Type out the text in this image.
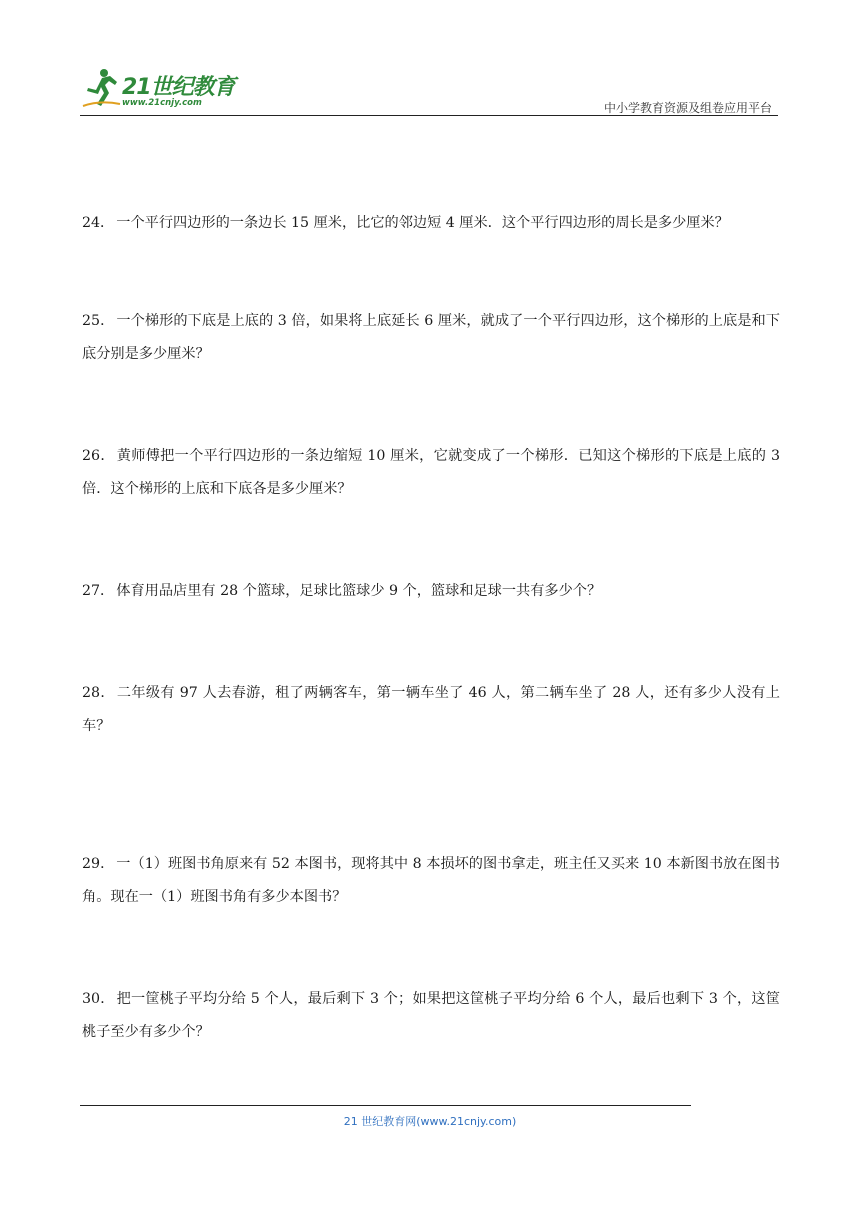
21世纪教育
www.21cnjy.com	中小学教育资源及组卷应用平台

24． 一个平行四边形的一条边长 15 厘米，比它的邻边短 4 厘米．这个平行四边形的周长是多少厘米？

25． 一个梯形的下底是上底的 3 倍，如果将上底延长 6 厘米，就成了一个平行四边形，这个梯形的上底是和下底分别是多少厘米？

26． 黄师傅把一个平行四边形的一条边缩短 10 厘米，它就变成了一个梯形．已知这个梯形的下底是上底的 3 倍．这个梯形的上底和下底各是多少厘米？

27． 体育用品店里有 28 个篮球，足球比篮球少 9 个，篮球和足球一共有多少个？

28． 二年级有 97 人去春游，租了两辆客车，第一辆车坐了 46 人，第二辆车坐了 28 人，还有多少人没有上车？

29． 一（1）班图书角原来有 52 本图书，现将其中 8 本损坏的图书拿走，班主任又买来 10 本新图书放在图书角。现在一（1）班图书角有多少本图书？

30． 把一筐桃子平均分给 5 个人，最后剩下 3 个；如果把这筐桃子平均分给 6 个人，最后也剩下 3 个，这筐桃子至少有多少个？

21 世纪教育网(www.21cnjy.com)
